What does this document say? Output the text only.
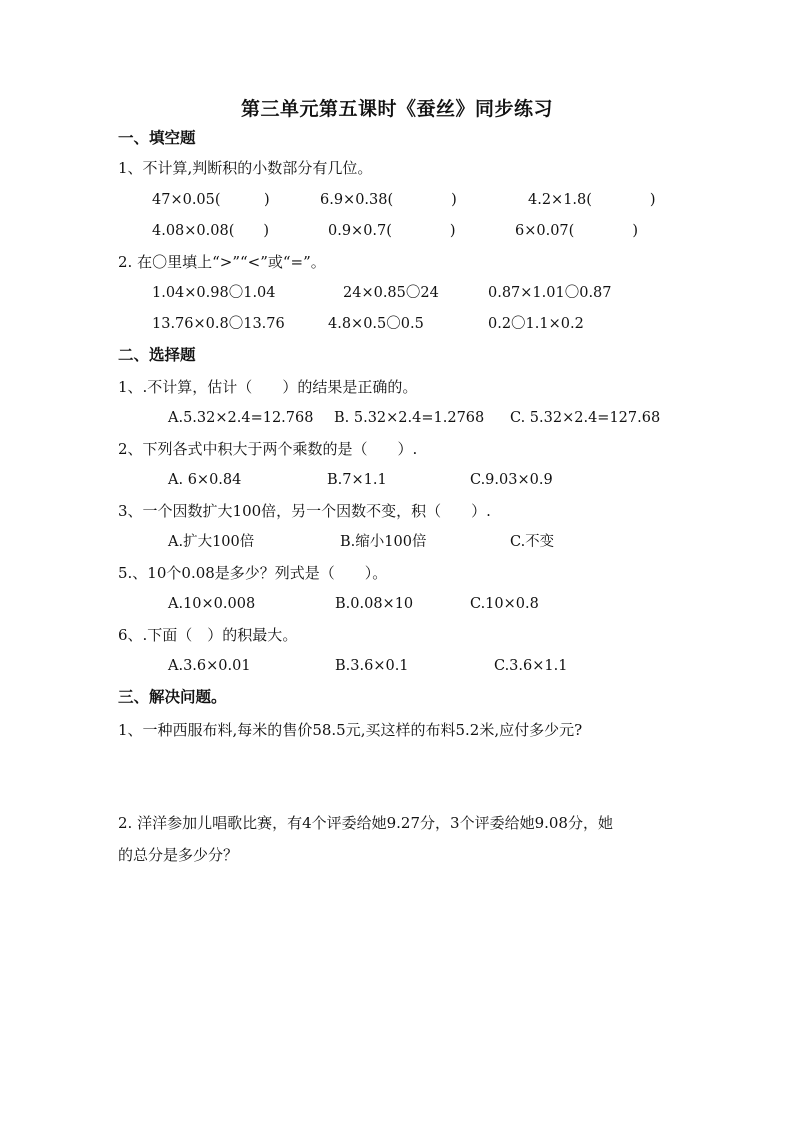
第三单元第五课时《蚕丝》同步练习
一、填空题
1、不计算,判断积的小数部分有几位。
47×0.05(　　　)	6.9×0.38(　　　　)	4.2×1.8(　　　　)
4.08×0.08(　　)	0.9×0.7(　　　　)	6×0.07(　　　　)
2. 在〇里填上“>”“<”或“=”。
1.04×0.98〇1.04	24×0.85〇24	0.87×1.01〇0.87
13.76×0.8〇13.76	4.8×0.5〇0.5	0.2〇1.1×0.2
二、选择题
1、.不计算，估计（　　）的结果是正确的。
A.5.32×2.4=12.768 B. 5.32×2.4=1.2768 C. 5.32×2.4=127.68
2、下列各式中积大于两个乘数的是（　　）.
A. 6×0.84	B.7×1.1	C.9.03×0.9
3、一个因数扩大100倍，另一个因数不变，积（　　）.
A.扩大100倍	B.缩小100倍	C.不变
5.、10个0.08是多少？列式是（　　）。
A.10×0.008	B.0.08×10	C.10×0.8
6、.下面（　）的积最大。
A.3.6×0.01	B.3.6×0.1	C.3.6×1.1
三、解决问题。
1、一种西服布料,每米的售价58.5元,买这样的布料5.2米,应付多少元?
2. 洋洋参加儿唱歌比赛，有4个评委给她9.27分，3个评委给她9.08分，她
的总分是多少分？
